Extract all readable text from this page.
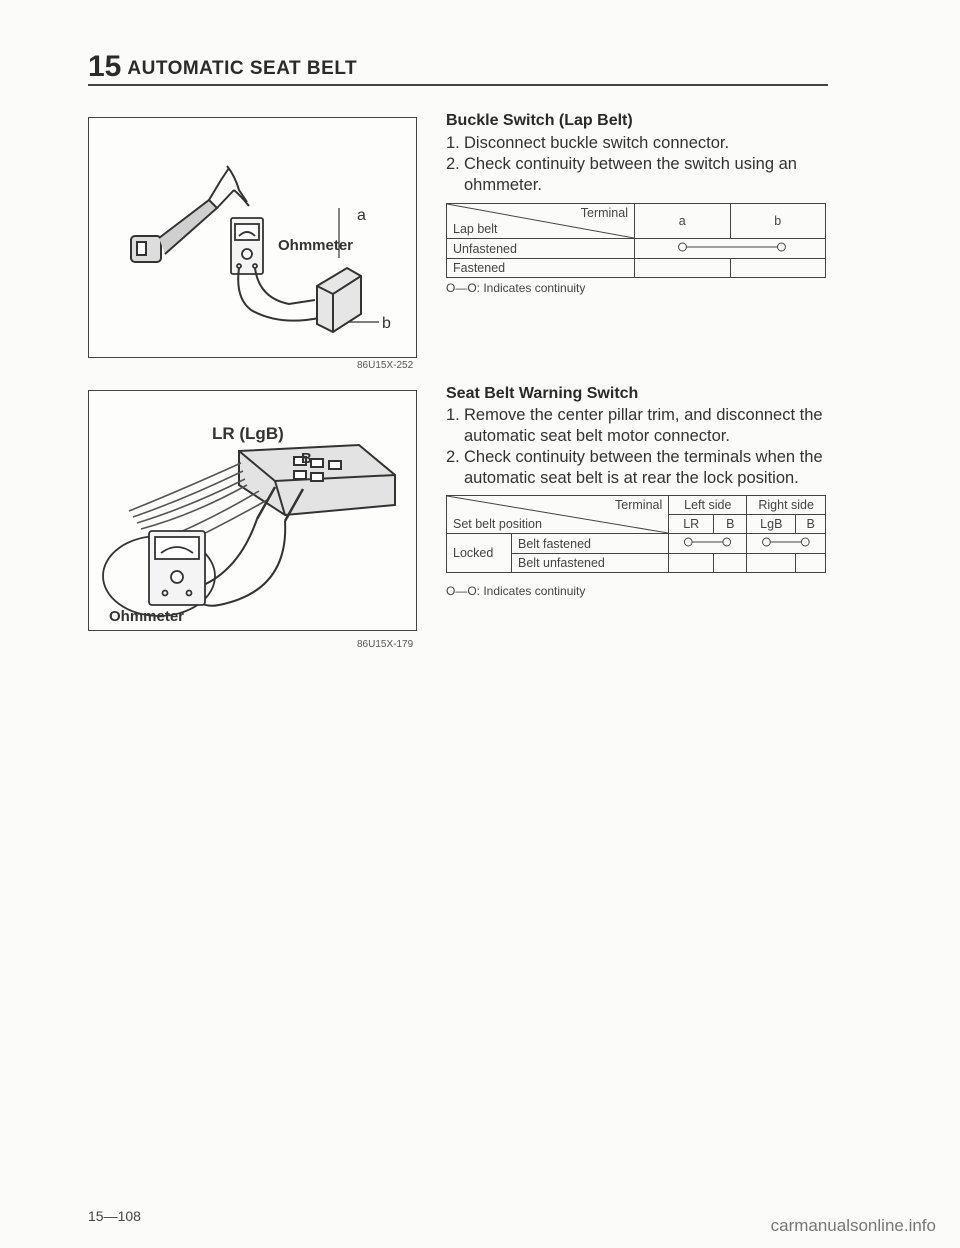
15 AUTOMATIC SEAT BELT
Ohmmeter
a
b
86U15X-252
LR (LgB)
B
Ohmmeter
86U15X-179
Buckle Switch (Lap Belt)
1. Disconnect buckle switch connector.
2. Check continuity between the switch using an
ohmmeter.
Terminal
Lap belt	a	b
Unfastened	
Fastened		
O—O: Indicates continuity
Seat Belt Warning Switch
1. Remove the center pillar trim, and disconnect the
automatic seat belt motor connector.
2. Check continuity between the terminals when the
automatic seat belt is at rear the lock position.
Terminal
Set belt position		Left side		Right side	
		LR	B	LgB	B
Locked	Belt fastened		
	Belt unfastened				
O—O: Indicates continuity
15—108	carmanualsonline.info
